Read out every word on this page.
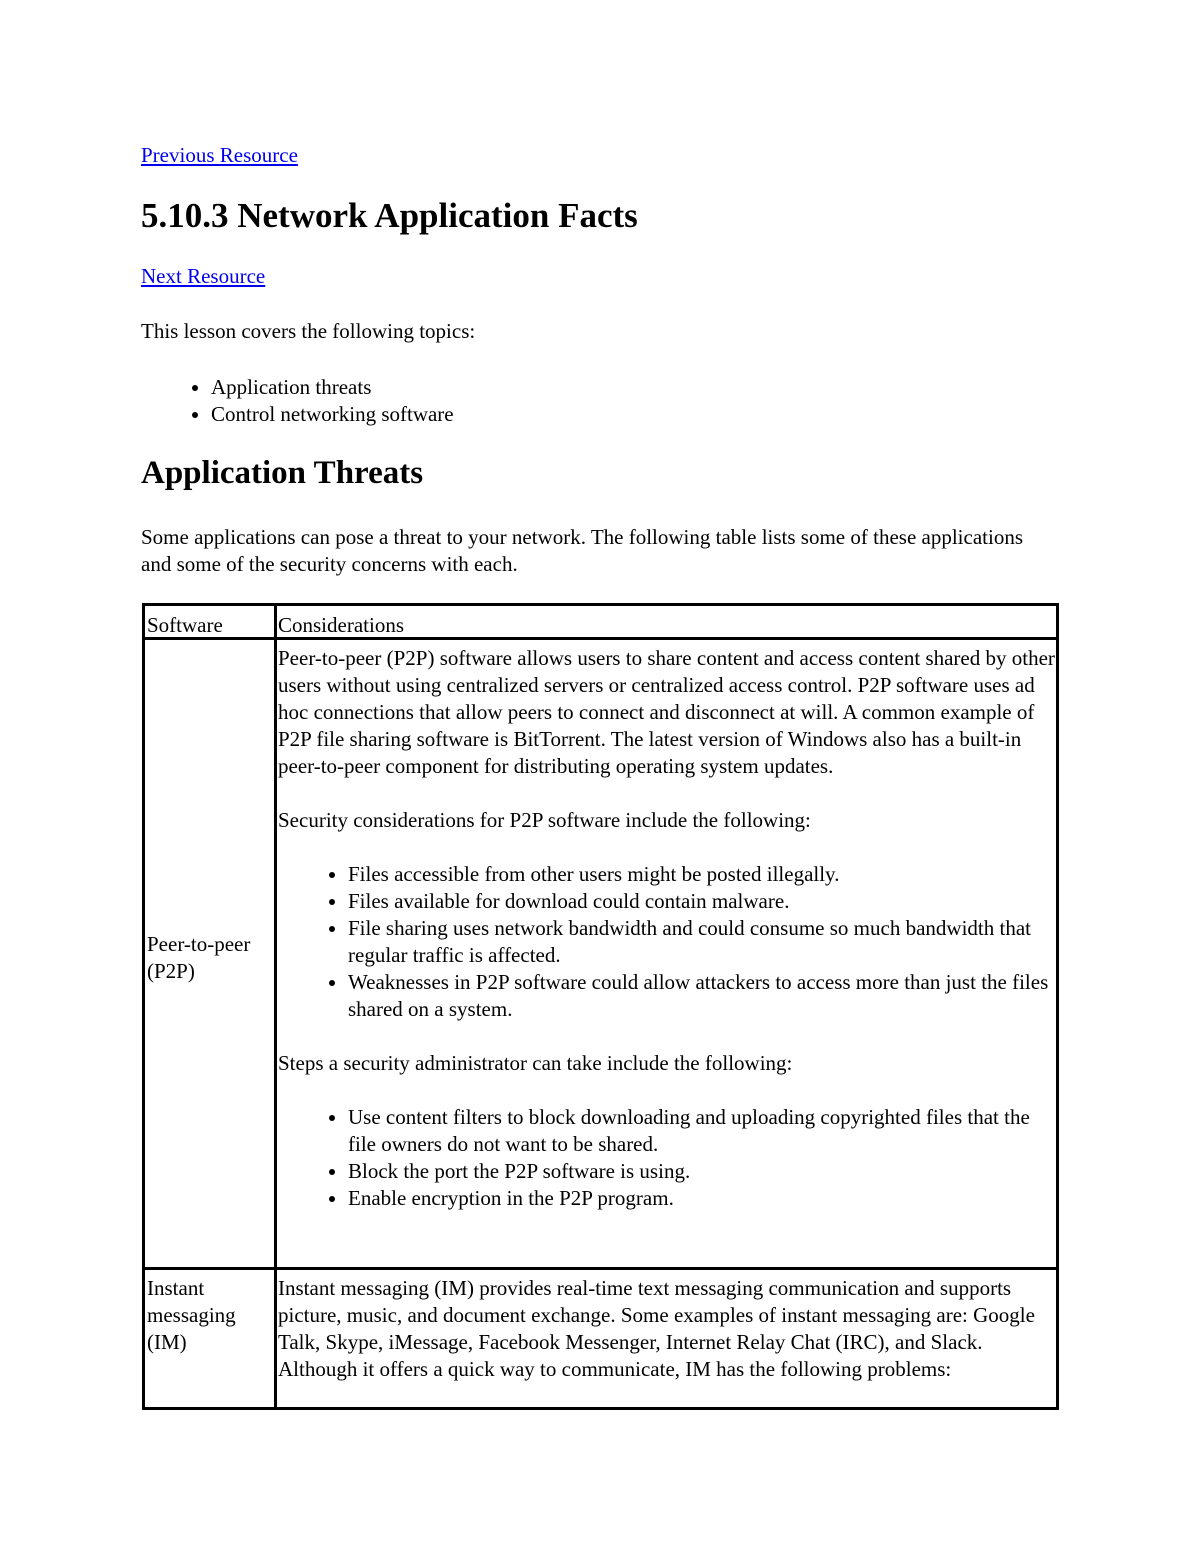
Previous Resource
5.10.3 Network Application Facts
Next Resource

This lesson covers the following topics:

• Application threats
• Control networking software
Application Threats

Some applications can pose a threat to your network. The following table lists some of these applications and some of the security concerns with each.

Software	Considerations
Peer-to-peer (P2P)

Peer-to-peer (P2P) software allows users to share content and access content shared by other users without using centralized servers or centralized access control. P2P software uses ad hoc connections that allow peers to connect and disconnect at will. A common example of P2P file sharing software is BitTorrent. The latest version of Windows also has a built-in peer-to-peer component for distributing operating system updates.

Security considerations for P2P software include the following:

• Files accessible from other users might be posted illegally.
• Files available for download could contain malware.
• File sharing uses network bandwidth and could consume so much bandwidth that regular traffic is affected.
• Weaknesses in P2P software could allow attackers to access more than just the files shared on a system.

Steps a security administrator can take include the following:

• Use content filters to block downloading and uploading copyrighted files that the file owners do not want to be shared.
• Block the port the P2P software is using.
• Enable encryption in the P2P program.
Instant messaging (IM)

Instant messaging (IM) provides real-time text messaging communication and supports picture, music, and document exchange. Some examples of instant messaging are: Google Talk, Skype, iMessage, Facebook Messenger, Internet Relay Chat (IRC), and Slack. Although it offers a quick way to communicate, IM has the following problems:
